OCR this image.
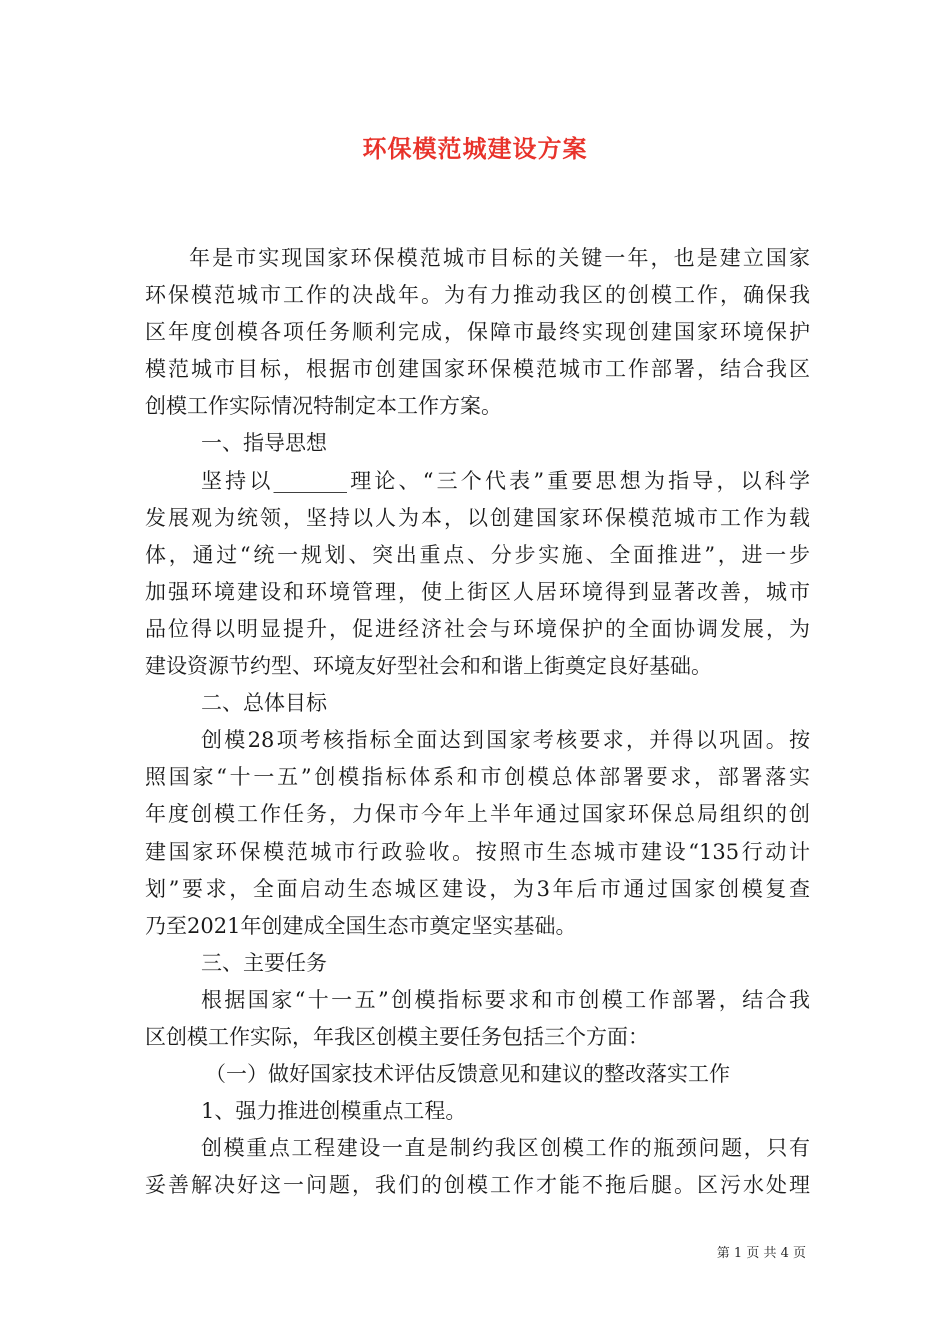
环保模范城建设方案
年是市实现国家环保模范城市目标的关键一年，也是建立国家
环保模范城市工作的决战年。为有力推动我区的创模工作，确保我
区年度创模各项任务顺利完成，保障市最终实现创建国家环境保护
模范城市目标，根据市创建国家环保模范城市工作部署，结合我区
创模工作实际情况特制定本工作方案。
一、指导思想
坚持以_______理论、“三个代表”重要思想为指导，以科学
发展观为统领，坚持以人为本，以创建国家环保模范城市工作为载
体，通过“统一规划、突出重点、分步实施、全面推进”，进一步
加强环境建设和环境管理，使上街区人居环境得到显著改善，城市
品位得以明显提升，促进经济社会与环境保护的全面协调发展，为
建设资源节约型、环境友好型社会和和谐上街奠定良好基础。
二、总体目标
创模28项考核指标全面达到国家考核要求，并得以巩固。按
照国家“十一五”创模指标体系和市创模总体部署要求，部署落实
年度创模工作任务，力保市今年上半年通过国家环保总局组织的创
建国家环保模范城市行政验收。按照市生态城市建设“135行动计
划”要求，全面启动生态城区建设，为3年后市通过国家创模复查
乃至2021年创建成全国生态市奠定坚实基础。
三、主要任务
根据国家“十一五”创模指标要求和市创模工作部署，结合我
区创模工作实际，年我区创模主要任务包括三个方面：
（一）做好国家技术评估反馈意见和建议的整改落实工作
1、强力推进创模重点工程。
创模重点工程建设一直是制约我区创模工作的瓶颈问题，只有
妥善解决好这一问题，我们的创模工作才能不拖后腿。区污水处理
第 1 页 共 4 页
